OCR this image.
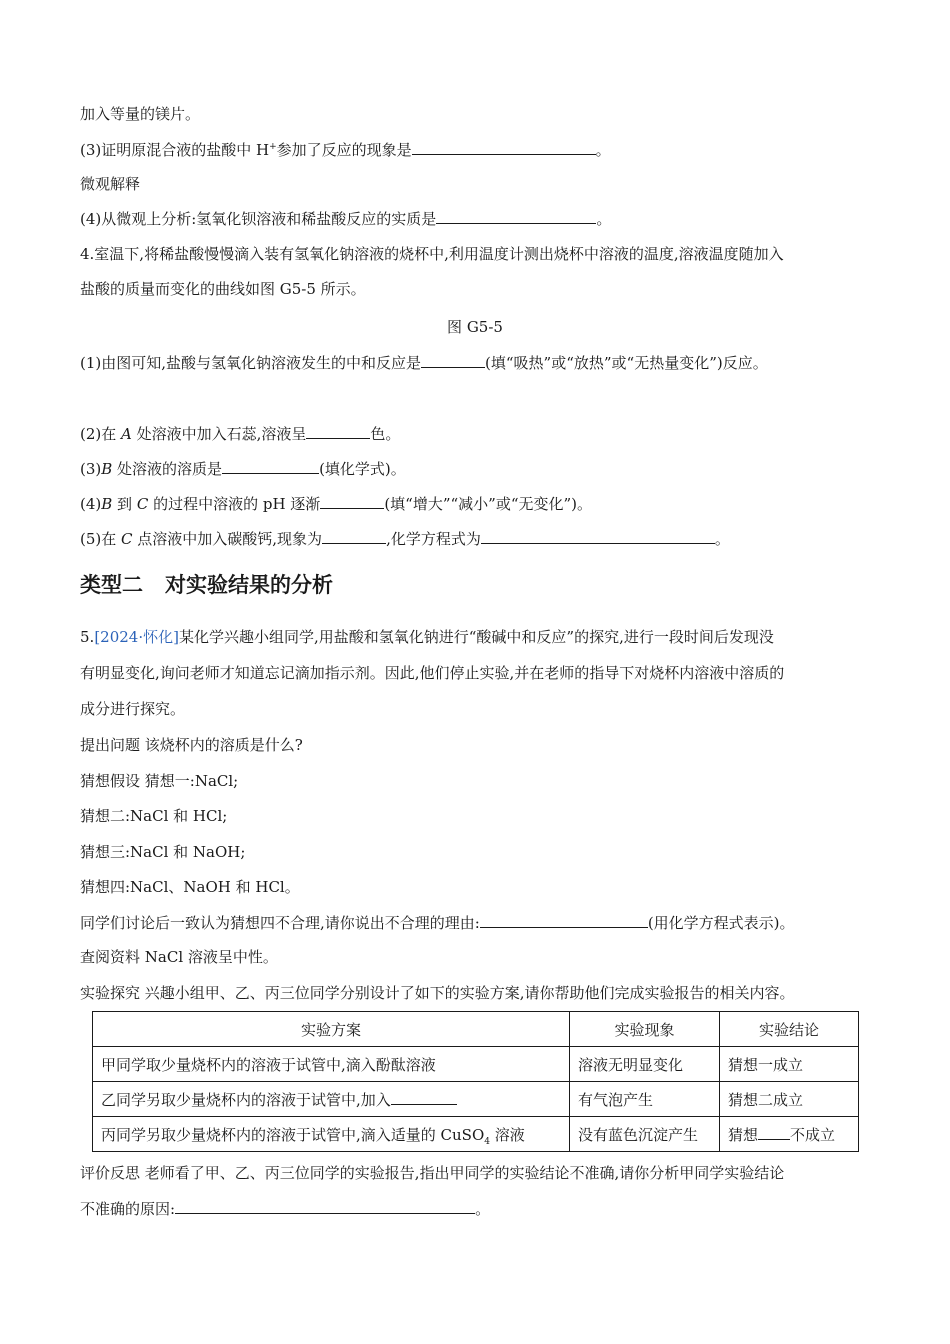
加入等量的镁片。
(3)证明原混合液的盐酸中 H+参加了反应的现象是	。
微观解释
(4)从微观上分析:氢氧化钡溶液和稀盐酸反应的实质是	。
4.室温下,将稀盐酸慢慢滴入装有氢氧化钠溶液的烧杯中,利用温度计测出烧杯中溶液的温度,溶液温度随加入
盐酸的质量而变化的曲线如图 G5-5 所示。
图 G5-5
(1)由图可知,盐酸与氢氧化钠溶液发生的中和反应是	(填“吸热”或“放热”或“无热量变化”)反应。
(2)在 A 处溶液中加入石蕊,溶液呈	色。
(3)B 处溶液的溶质是	(填化学式)。
(4)B 到 C 的过程中溶液的 pH 逐渐	(填“增大”“减小”或“无变化”)。
(5)在 C 点溶液中加入碳酸钙,现象为	,化学方程式为	。
类型二 对实验结果的分析
5.[2024·怀化]某化学兴趣小组同学,用盐酸和氢氧化钠进行“酸碱中和反应”的探究,进行一段时间后发现没
有明显变化,询问老师才知道忘记滴加指示剂。因此,他们停止实验,并在老师的指导下对烧杯内溶液中溶质的
成分进行探究。
提出问题 该烧杯内的溶质是什么?
猜想假设 猜想一:NaCl;
猜想二:NaCl 和 HCl;
猜想三:NaCl 和 NaOH;
猜想四:NaCl、NaOH 和 HCl。
同学们讨论后一致认为猜想四不合理,请你说出不合理的理由:	(用化学方程式表示)。
查阅资料 NaCl 溶液呈中性。
实验探究 兴趣小组甲、乙、丙三位同学分别设计了如下的实验方案,请你帮助他们完成实验报告的相关内容。
实验方案	实验现象	实验结论
甲同学取少量烧杯内的溶液于试管中,滴入酚酞溶液	溶液无明显变化	猜想一成立
乙同学另取少量烧杯内的溶液于试管中,加入	有气泡产生	猜想二成立
丙同学另取少量烧杯内的溶液于试管中,滴入适量的 CuSO$_4$ 溶液	没有蓝色沉淀产生	猜想 不成立
评价反思 老师看了甲、乙、丙三位同学的实验报告,指出甲同学的实验结论不准确,请你分析甲同学实验结论
不准确的原因:	。
